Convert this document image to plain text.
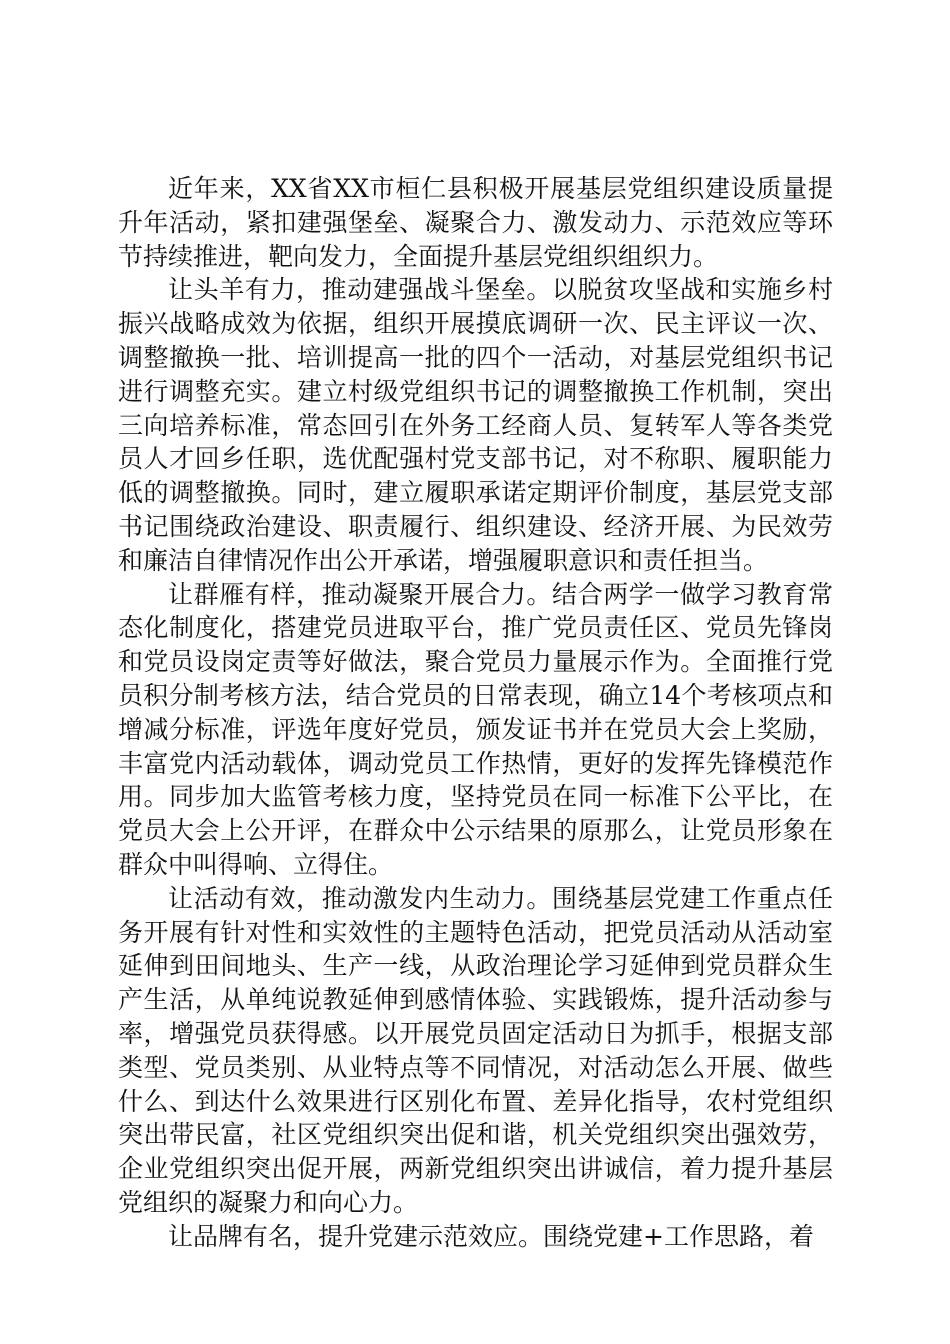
近年来，XX省XX市桓仁县积极开展基层党组织建设质量提升年活动，紧扣建强堡垒、凝聚合力、激发动力、示范效应等环节持续推进，靶向发力，全面提升基层党组织组织力。

让头羊有力，推动建强战斗堡垒。以脱贫攻坚战和实施乡村振兴战略成效为依据，组织开展摸底调研一次、民主评议一次、调整撤换一批、培训提高一批的四个一活动，对基层党组织书记进行调整充实。建立村级党组织书记的调整撤换工作机制，突出三向培养标准，常态回引在外务工经商人员、复转军人等各类党员人才回乡任职，选优配强村党支部书记，对不称职、履职能力低的调整撤换。同时，建立履职承诺定期评价制度，基层党支部书记围绕政治建设、职责履行、组织建设、经济开展、为民效劳和廉洁自律情况作出公开承诺，增强履职意识和责任担当。

让群雁有样，推动凝聚开展合力。结合两学一做学习教育常态化制度化，搭建党员进取平台，推广党员责任区、党员先锋岗和党员设岗定责等好做法，聚合党员力量展示作为。全面推行党员积分制考核方法，结合党员的日常表现，确立14个考核项点和增减分标准，评选年度好党员，颁发证书并在党员大会上奖励，丰富党内活动载体，调动党员工作热情，更好的发挥先锋模范作用。同步加大监管考核力度，坚持党员在同一标准下公平比，在党员大会上公开评，在群众中公示结果的原那么，让党员形象在群众中叫得响、立得住。

让活动有效，推动激发内生动力。围绕基层党建工作重点任务开展有针对性和实效性的主题特色活动，把党员活动从活动室延伸到田间地头、生产一线，从政治理论学习延伸到党员群众生产生活，从单纯说教延伸到感情体验、实践锻炼，提升活动参与率，增强党员获得感。以开展党员固定活动日为抓手，根据支部类型、党员类别、从业特点等不同情况，对活动怎么开展、做些什么、到达什么效果进行区别化布置、差异化指导，农村党组织突出带民富，社区党组织突出促和谐，机关党组织突出强效劳，企业党组织突出促开展，两新党组织突出讲诚信，着力提升基层党组织的凝聚力和向心力。

让品牌有名，提升党建示范效应。围绕党建+工作思路，着
